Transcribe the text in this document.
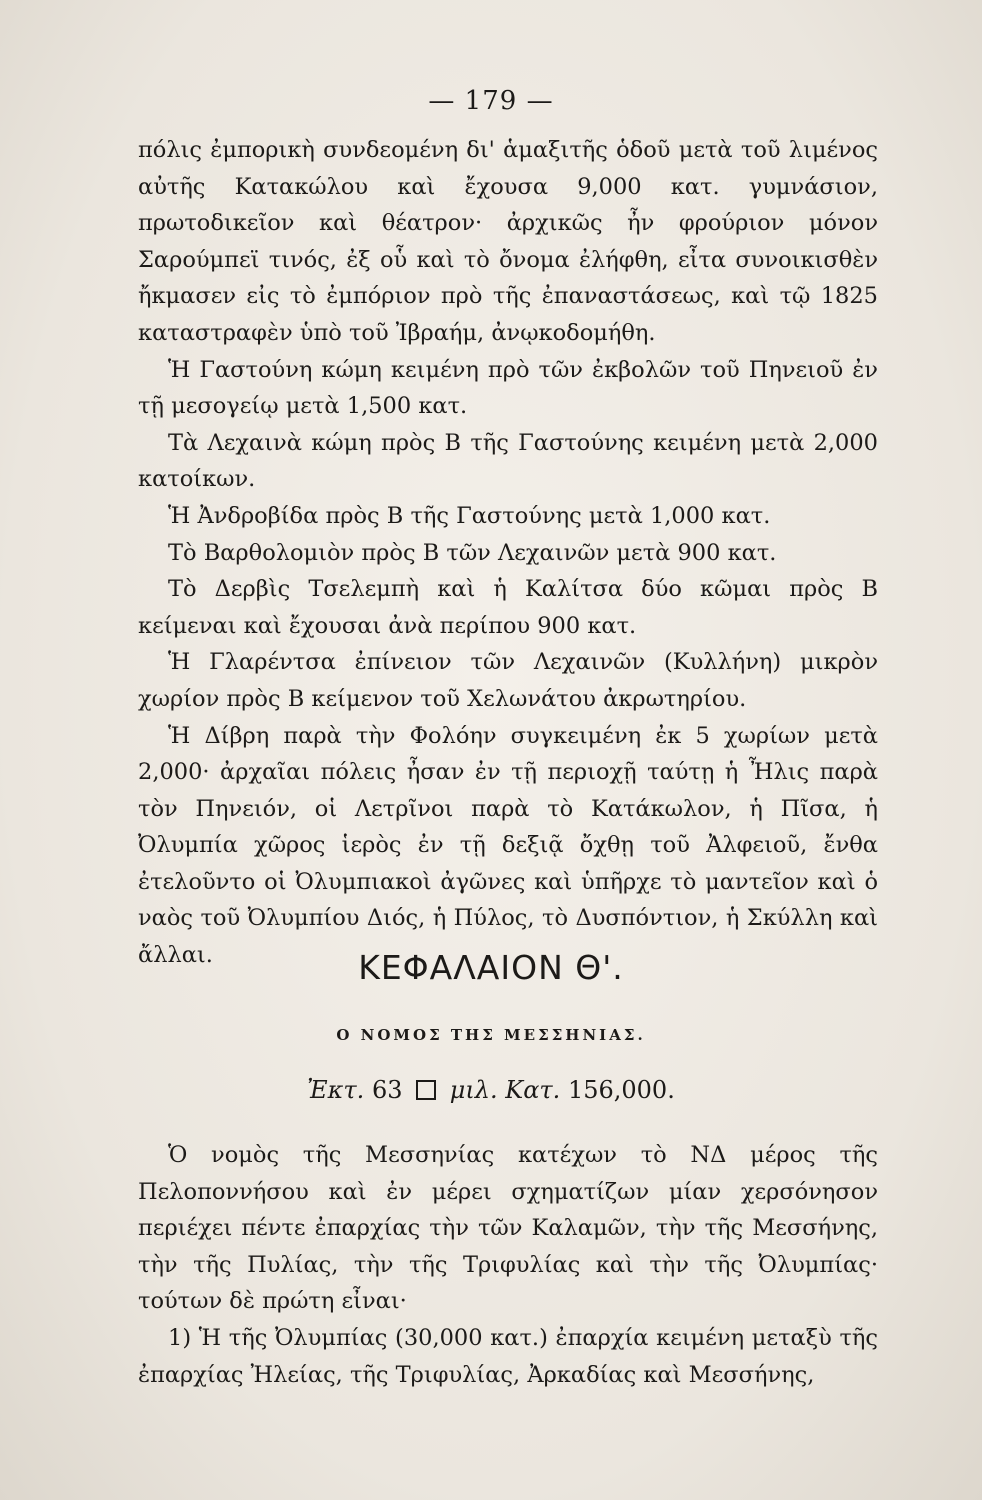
— 179 —

πόλις ἐμπορικὴ συνδεομένη δι' ἁμαξιτῆς ὁδοῦ μετὰ τοῦ λιμένος αὐτῆς Κατακώλου καὶ ἔχουσα 9,000 κατ. γυμνάσιον, πρωτοδικεῖον καὶ θέατρον· ἀρχικῶς ἦν φρούριον μόνον Σαρούμπεϊ τινός, ἐξ οὗ καὶ τὸ ὄνομα ἐλήφθη, εἶτα συνοικισθὲν ἤκμασεν εἰς τὸ ἐμπόριον πρὸ τῆς ἐπαναστάσεως, καὶ τῷ 1825 καταστραφὲν ὑπὸ τοῦ Ἰβραήμ, ἀνῳκοδομήθη.

Ἡ Γαστούνη κώμη κειμένη πρὸ τῶν ἐκβολῶν τοῦ Πηνειοῦ ἐν τῇ μεσογείῳ μετὰ 1,500 κατ.

Τὰ Λεχαινὰ κώμη πρὸς Β τῆς Γαστούνης κειμένη μετὰ 2,000 κατοίκων.

Ἡ Ἀνδροβίδα πρὸς Β τῆς Γαστούνης μετὰ 1,000 κατ.

Τὸ Βαρθολομιὸν πρὸς Β τῶν Λεχαινῶν μετὰ 900 κατ.

Τὸ Δερβὶς Τσελεμπὴ καὶ ἡ Καλίτσα δύο κῶμαι πρὸς Β κείμεναι καὶ ἔχουσαι ἀνὰ περίπου 900 κατ.

Ἡ Γλαρέντσα ἐπίνειον τῶν Λεχαινῶν (Κυλλήνη) μικρὸν χωρίον πρὸς Β κείμενον τοῦ Χελωνάτου ἀκρωτηρίου.

Ἡ Δίβρη παρὰ τὴν Φολόην συγκειμένη ἐκ 5 χωρίων μετὰ 2,000· ἀρχαῖαι πόλεις ἦσαν ἐν τῇ περιοχῇ ταύτῃ ἡ Ἦλις παρὰ τὸν Πηνειόν, οἱ Λετρῖνοι παρὰ τὸ Κατάκωλον, ἡ Πῖσα, ἡ Ὀλυμπία χῶρος ἱερὸς ἐν τῇ δεξιᾷ ὄχθῃ τοῦ Ἀλφειοῦ, ἔνθα ἐτελοῦντο οἱ Ὀλυμπιακοὶ ἀγῶνες καὶ ὑπῆρχε τὸ μαντεῖον καὶ ὁ ναὸς τοῦ Ὀλυμπίου Διός, ἡ Πύλος, τὸ Δυσπόντιον, ἡ Σκύλλη καὶ ἄλλαι.	ΚΕΦΑΛΑΙΟΝ Θ'.
Ο ΝΟΜΟΣ ΤΗΣ ΜΕΣΣΗΝΙΑΣ.
Ἐκτ. 63 μιλ. Κατ. 156,000.

Ὁ νομὸς τῆς Μεσσηνίας κατέχων τὸ ΝΔ μέρος τῆς Πελοποννήσου καὶ ἐν μέρει σχηματίζων μίαν χερσόνησον περιέχει πέντε ἐπαρχίας τὴν τῶν Καλαμῶν, τὴν τῆς Μεσσήνης, τὴν τῆς Πυλίας, τὴν τῆς Τριφυλίας καὶ τὴν τῆς Ὀλυμπίας· τούτων δὲ πρώτη εἶναι·

1) Ἡ τῆς Ὀλυμπίας (30,000 κατ.) ἐπαρχία κειμένη μεταξὺ τῆς ἐπαρχίας Ἠλείας, τῆς Τριφυλίας, Ἀρκαδίας καὶ Μεσσήνης,
